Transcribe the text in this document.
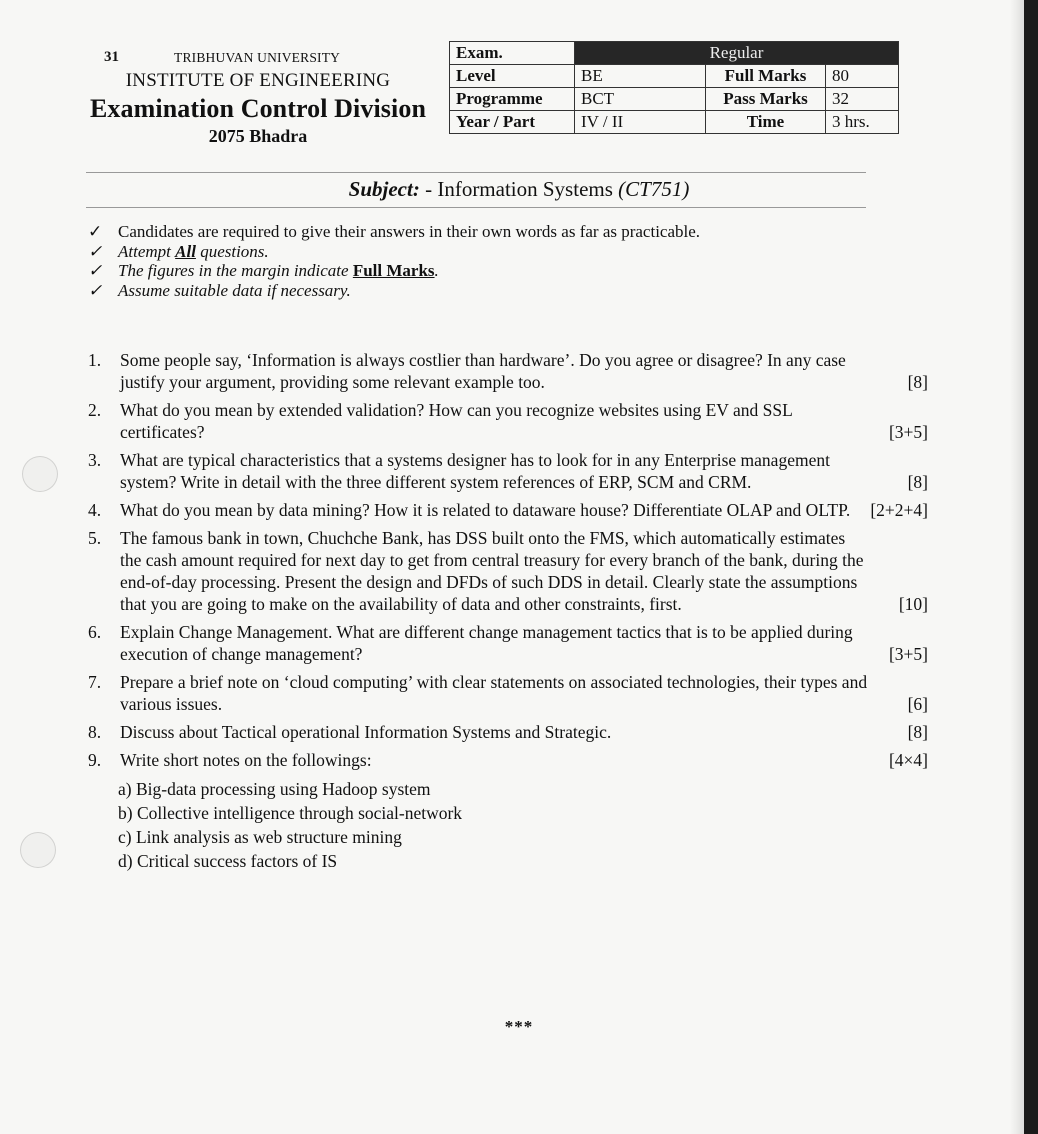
31	TRIBHUVAN UNIVERSITY
INSTITUTE OF ENGINEERING
Examination Control Division
2075 Bhadra
Exam.	Regular		
Level	BE	Full Marks	80
Programme	BCT	Pass Marks	32
Year / Part	IV / II	Time	3 hrs.
Subject: - Information Systems (CT751)
✓ Candidates are required to give their answers in their own words as far as practicable.
✓ Attempt All questions.
✓ The figures in the margin indicate Full Marks.
✓ Assume suitable data if necessary.
1. Some people say, ‘Information is always costlier than hardware’. Do you agree or disagree? In any case justify your argument, providing some relevant example too.	[8]
2. What do you mean by extended validation? How can you recognize websites using EV and SSL certificates?	[3+5]
3. What are typical characteristics that a systems designer has to look for in any Enterprise management system? Write in detail with the three different system references of ERP, SCM and CRM.	[8]
4. What do you mean by data mining? How it is related to dataware house? Differentiate OLAP and OLTP.	[2+2+4]
5. The famous bank in town, Chuchche Bank, has DSS built onto the FMS, which automatically estimates the cash amount required for next day to get from central treasury for every branch of the bank, during the end-of-day processing. Present the design and DFDs of such DDS in detail. Clearly state the assumptions that you are going to make on the availability of data and other constraints, first.	[10]
6. Explain Change Management. What are different change management tactics that is to be applied during execution of change management?	[3+5]
7. Prepare a brief note on ‘cloud computing’ with clear statements on associated technologies, their types and various issues.	[6]
8. Discuss about Tactical operational Information Systems and Strategic.	[8]
9. Write short notes on the followings:	[4×4]
a) Big-data processing using Hadoop system
b) Collective intelligence through social-network
c) Link analysis as web structure mining
d) Critical success factors of IS
***
